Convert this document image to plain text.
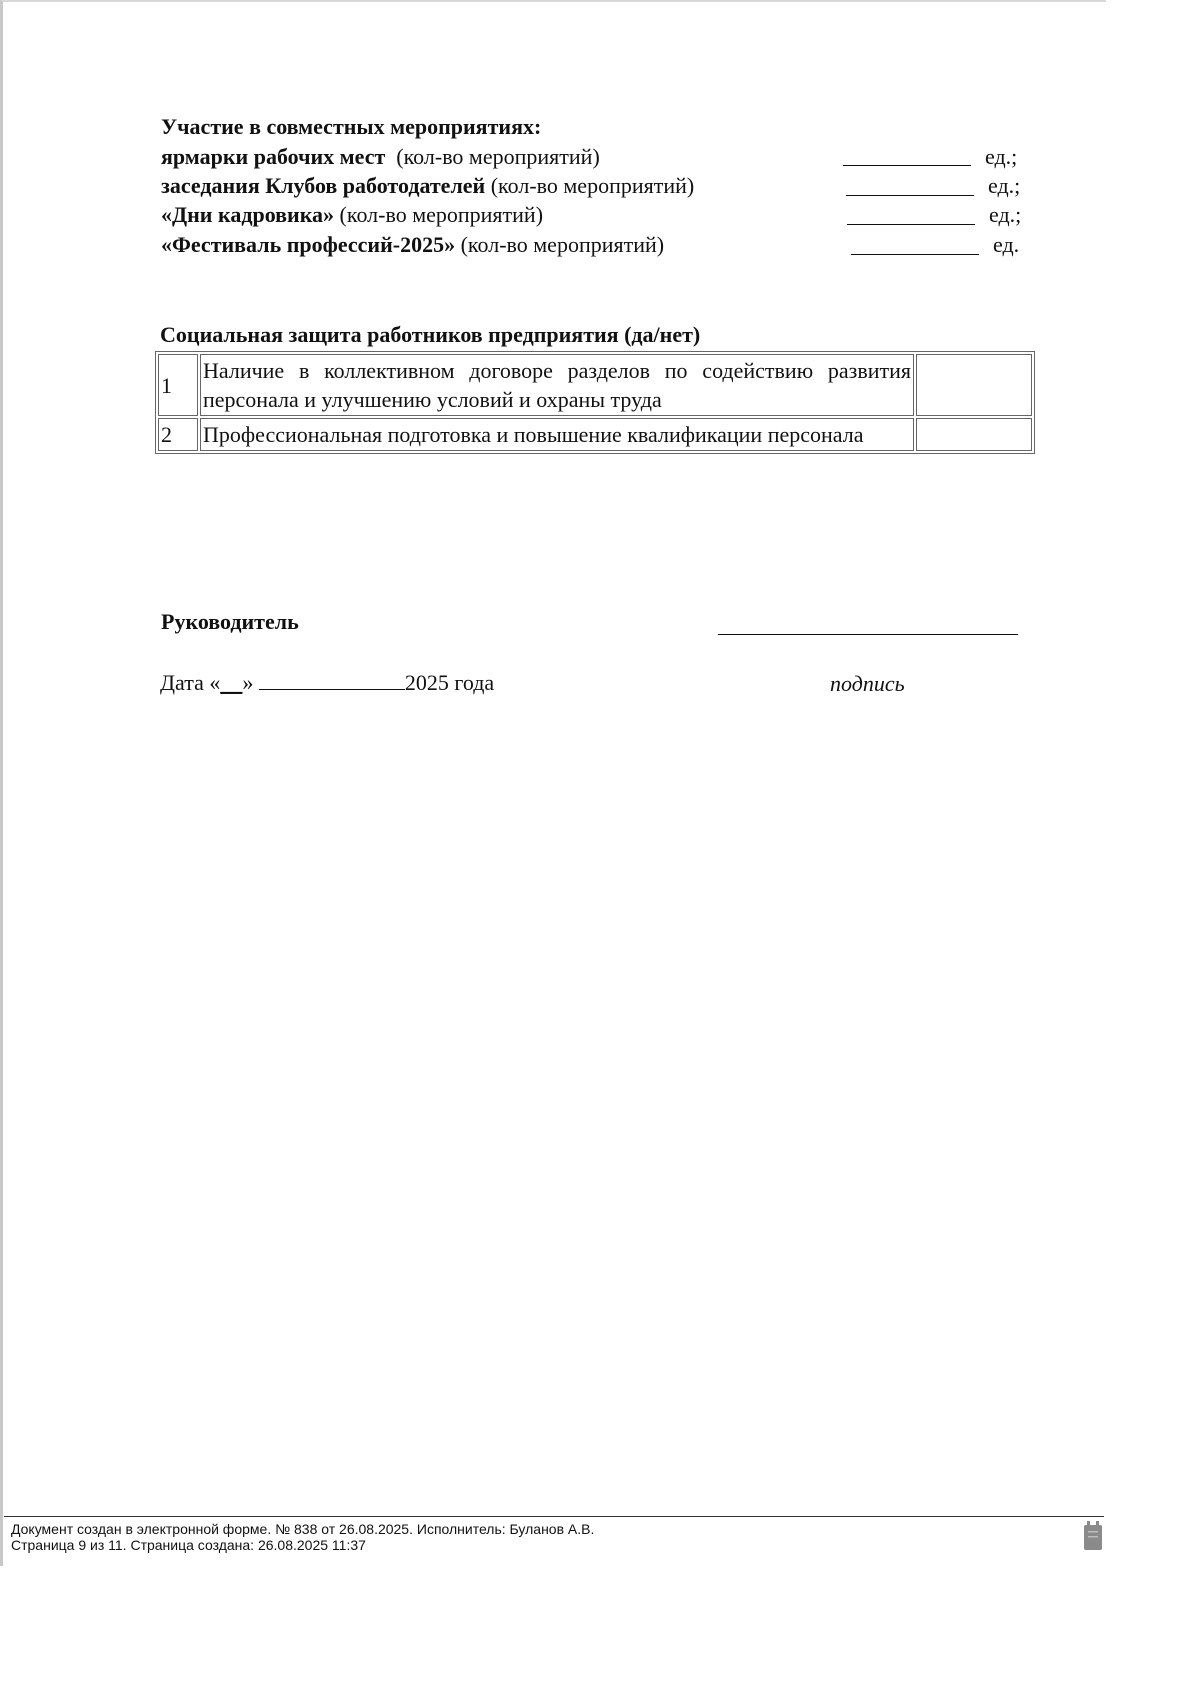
Участие в совместных мероприятиях:
ярмарки рабочих мест (кол-во мероприятий)	ед.;
заседания Клубов работодателей (кол-во мероприятий)	ед.;
«Дни кадровика» (кол-во мероприятий)	ед.;
«Фестиваль профессий-2025» (кол-во мероприятий)	ед.
Социальная защита работников предприятия (да/нет)
1	Наличие в коллективном договоре разделов по содействию развития персонала и улучшению условий и охраны труда	
2	Профессиональная подготовка и повышение квалификации персонала	
Руководитель
Дата «__»	2025 года	подпись
Документ создан в электронной форме. № 838 от 26.08.2025. Исполнитель: Буланов А.В.
Страница 9 из 11. Страница создана: 26.08.2025 11:37
